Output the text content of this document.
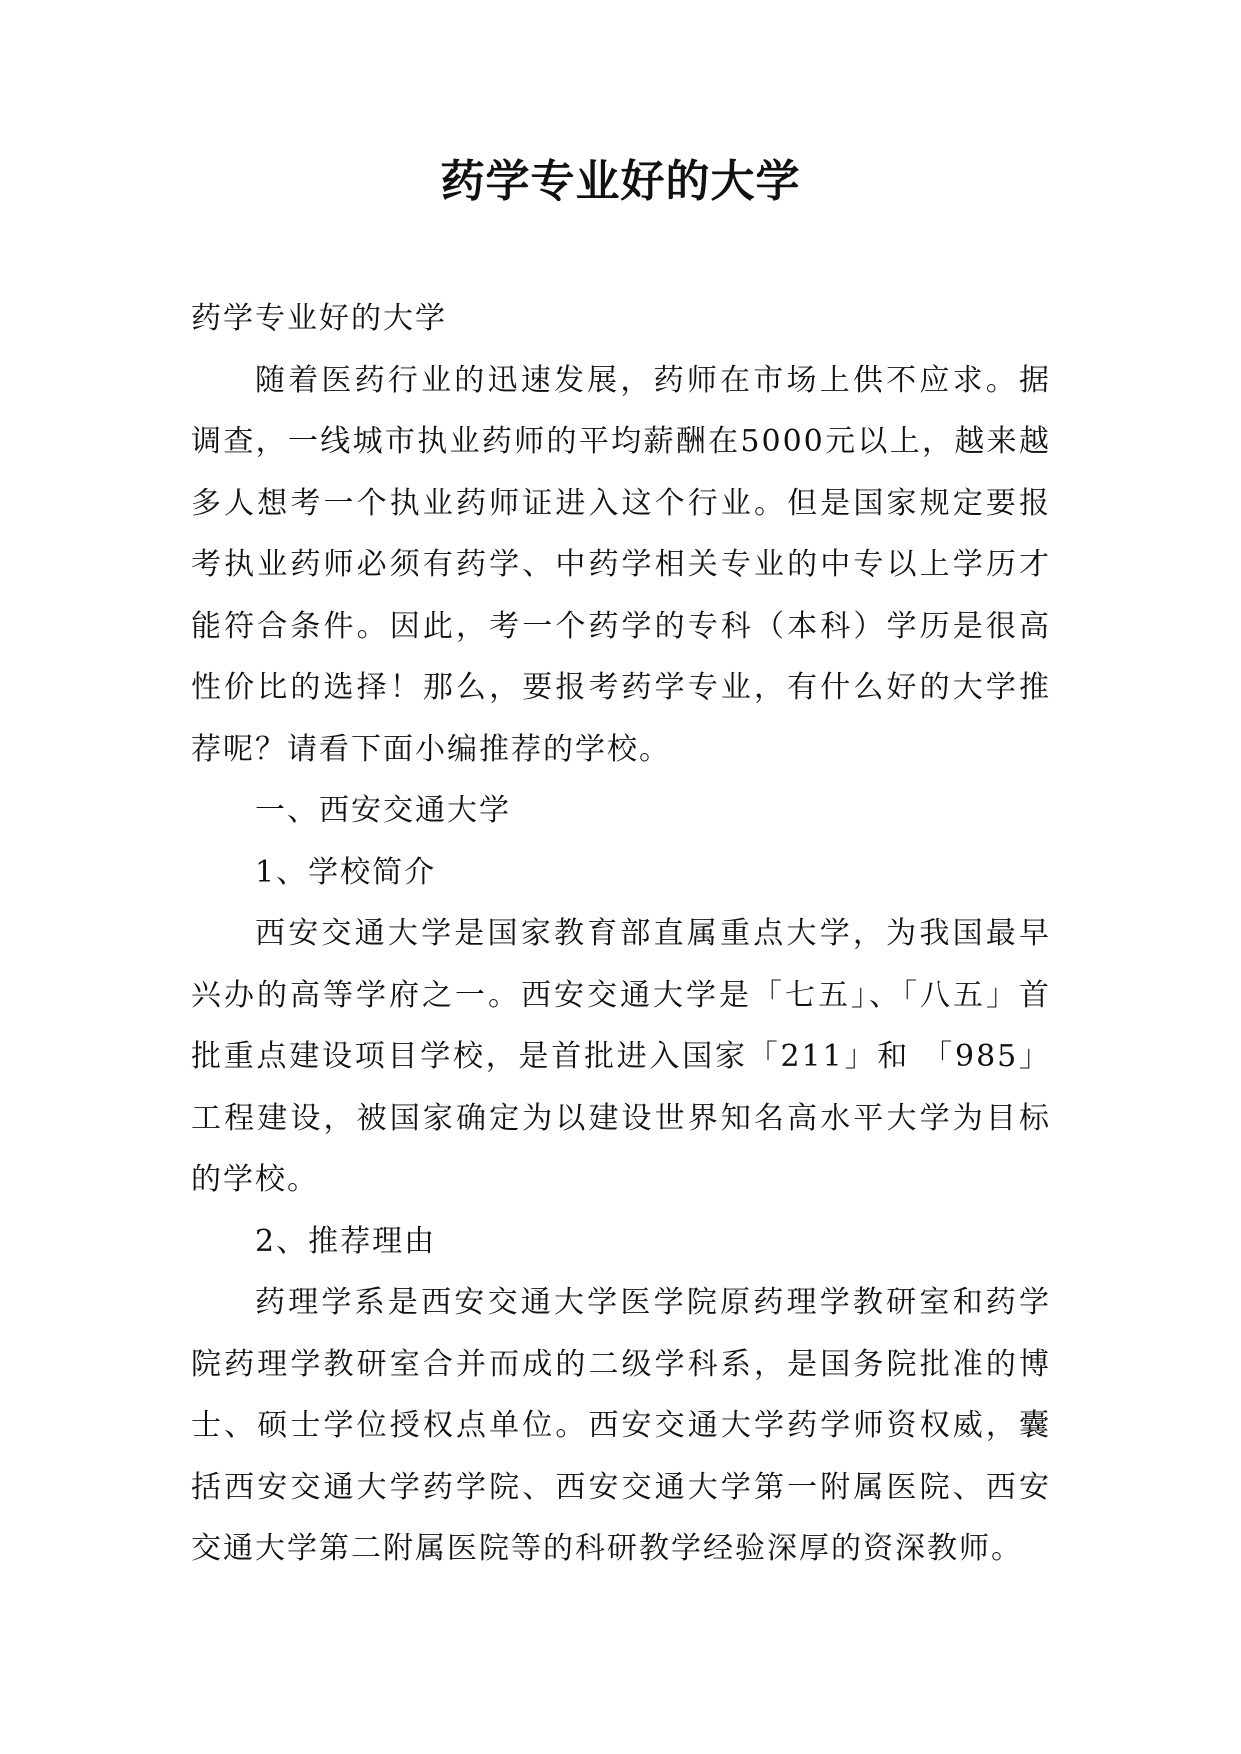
药学专业好的大学

药学专业好的大学

随着医药行业的迅速发展，药师在市场上供不应求。据调查，一线城市执业药师的平均薪酬在5000元以上，越来越多人想考一个执业药师证进入这个行业。但是国家规定要报考执业药师必须有药学、中药学相关专业的中专以上学历才能符合条件。因此，考一个药学的专科（本科）学历是很高性价比的选择！那么，要报考药学专业，有什么好的大学推荐呢？请看下面小编推荐的学校。

一、西安交通大学

1、学校简介

西安交通大学是国家教育部直属重点大学，为我国最早兴办的高等学府之一。西安交通大学是「七五」、「八五」首批重点建设项目学校，是首批进入国家「211」和 「985」工程建设，被国家确定为以建设世界知名高水平大学为目标的学校。

2、推荐理由

药理学系是西安交通大学医学院原药理学教研室和药学院药理学教研室合并而成的二级学科系，是国务院批准的博士、硕士学位授权点单位。西安交通大学药学师资权威，囊括西安交通大学药学院、西安交通大学第一附属医院、西安交通大学第二附属医院等的科研教学经验深厚的资深教师。
